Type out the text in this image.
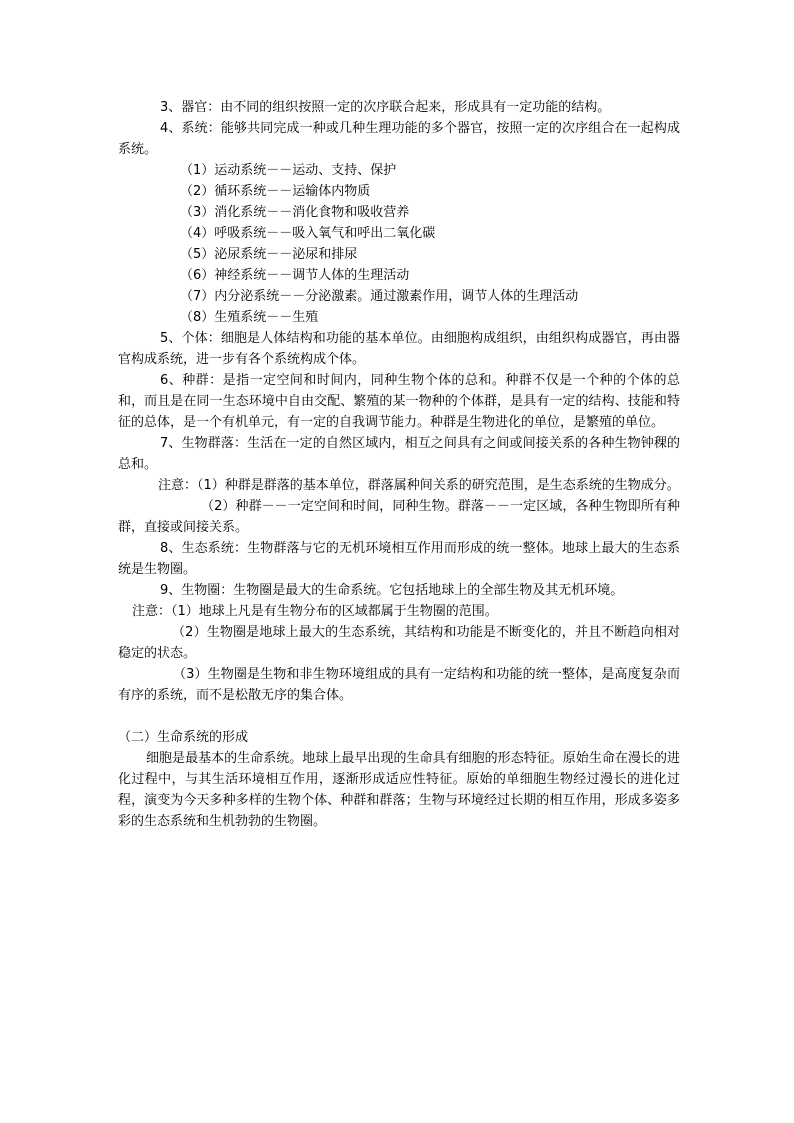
3、器官：由不同的组织按照一定的次序联合起来，形成具有一定功能的结构。

4、系统：能够共同完成一种或几种生理功能的多个器官，按照一定的次序组合在一起构成系统。

（1）运动系统－－运动、支持、保护

（2）循环系统－－运输体内物质

（3）消化系统－－消化食物和吸收营养

（4）呼吸系统－－吸入氧气和呼出二氧化碳

（5）泌尿系统－－泌尿和排尿

（6）神经系统－－调节人体的生理活动

（7）内分泌系统－－分泌激素。通过激素作用，调节人体的生理活动

（8）生殖系统－－生殖

5、个体：细胞是人体结构和功能的基本单位。由细胞构成组织，由组织构成器官，再由器官构成系统，进一步有各个系统构成个体。

6、种群：是指一定空间和时间内，同种生物个体的总和。种群不仅是一个种的个体的总和，而且是在同一生态环境中自由交配、繁殖的某一物种的个体群，是具有一定的结构、技能和特征的总体，是一个有机单元，有一定的自我调节能力。种群是生物进化的单位，是繁殖的单位。

7、生物群落：生活在一定的自然区域内，相互之间具有之间或间接关系的各种生物钟稞的总和。

注意：（1）种群是群落的基本单位，群落属种间关系的研究范围，是生态系统的生物成分。

（2）种群－－一定空间和时间，同种生物。群落－－一定区域，各种生物即所有种群，直接或间接关系。

8、生态系统：生物群落与它的无机环境相互作用而形成的统一整体。地球上最大的生态系统是生物圈。

9、生物圈：生物圈是最大的生命系统。它包括地球上的全部生物及其无机环境。

注意：（1）地球上凡是有生物分布的区域都属于生物圈的范围。

（2）生物圈是地球上最大的生态系统，其结构和功能是不断变化的，并且不断趋向相对稳定的状态。

（3）生物圈是生物和非生物环境组成的具有一定结构和功能的统一整体，是高度复杂而有序的系统，而不是松散无序的集合体。

（二）生命系统的形成

细胞是最基本的生命系统。地球上最早出现的生命具有细胞的形态特征。原始生命在漫长的进化过程中，与其生活环境相互作用，逐渐形成适应性特征。原始的单细胞生物经过漫长的进化过程，演变为今天多种多样的生物个体、种群和群落；生物与环境经过长期的相互作用，形成多姿多彩的生态系统和生机勃勃的生物圈。
